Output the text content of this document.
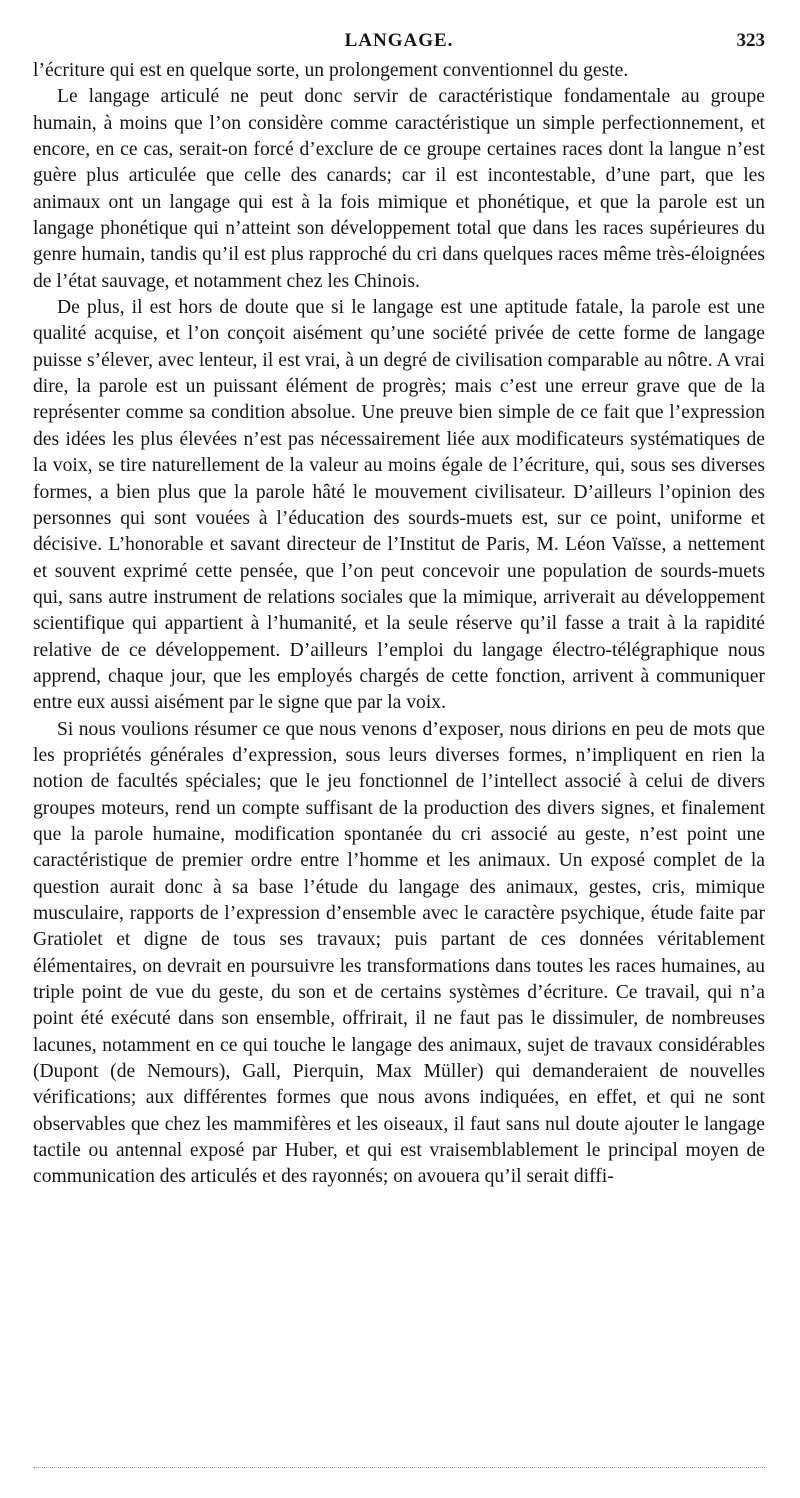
LANGAGE.	323

l’écriture qui est en quelque sorte, un prolongement conventionnel du geste.

Le langage articulé ne peut donc servir de caractéristique fondamentale au groupe humain, à moins que l’on considère comme caractéristique un simple perfectionnement, et encore, en ce cas, serait-on forcé d’exclure de ce groupe certaines races dont la langue n’est guère plus articulée que celle des canards; car il est incontestable, d’une part, que les animaux ont un langage qui est à la fois mimique et phonétique, et que la parole est un langage phonétique qui n’atteint son développement total que dans les races supérieures du genre humain, tandis qu’il est plus rapproché du cri dans quelques races même très-éloignées de l’état sauvage, et notamment chez les Chinois.

De plus, il est hors de doute que si le langage est une aptitude fatale, la parole est une qualité acquise, et l’on conçoit aisément qu’une société privée de cette forme de langage puisse s’élever, avec lenteur, il est vrai, à un degré de civilisation comparable au nôtre. A vrai dire, la parole est un puissant élément de progrès; mais c’est une erreur grave que de la représenter comme sa condition absolue. Une preuve bien simple de ce fait que l’expression des idées les plus élevées n’est pas nécessairement liée aux modificateurs systématiques de la voix, se tire naturellement de la valeur au moins égale de l’écriture, qui, sous ses diverses formes, a bien plus que la parole hâté le mouvement civilisateur. D’ailleurs l’opinion des personnes qui sont vouées à l’éducation des sourds-muets est, sur ce point, uniforme et décisive. L’honorable et savant directeur de l’Institut de Paris, M. Léon Vaïsse, a nettement et souvent exprimé cette pensée, que l’on peut concevoir une population de sourds-muets qui, sans autre instrument de relations sociales que la mimique, arriverait au développement scientifique qui appartient à l’humanité, et la seule réserve qu’il fasse a trait à la rapidité relative de ce développement. D’ailleurs l’emploi du langage électro-télégraphique nous apprend, chaque jour, que les employés chargés de cette fonction, arrivent à communiquer entre eux aussi aisément par le signe que par la voix.

Si nous voulions résumer ce que nous venons d’exposer, nous dirions en peu de mots que les propriétés générales d’expression, sous leurs diverses formes, n’impliquent en rien la notion de facultés spéciales; que le jeu fonctionnel de l’intellect associé à celui de divers groupes moteurs, rend un compte suffisant de la production des divers signes, et finalement que la parole humaine, modification spontanée du cri associé au geste, n’est point une caractéristique de premier ordre entre l’homme et les animaux. Un exposé complet de la question aurait donc à sa base l’étude du langage des animaux, gestes, cris, mimique musculaire, rapports de l’expression d’ensemble avec le caractère psychique, étude faite par Gratiolet et digne de tous ses travaux; puis partant de ces données véritablement élémentaires, on devrait en poursuivre les transformations dans toutes les races humaines, au triple point de vue du geste, du son et de certains systèmes d’écriture. Ce travail, qui n’a point été exécuté dans son ensemble, offrirait, il ne faut pas le dissimuler, de nombreuses lacunes, notamment en ce qui touche le langage des animaux, sujet de travaux considérables (Dupont (de Nemours), Gall, Pierquin, Max Müller) qui demanderaient de nouvelles vérifications; aux différentes formes que nous avons indiquées, en effet, et qui ne sont observables que chez les mammifères et les oiseaux, il faut sans nul doute ajouter le langage tactile ou antennal exposé par Huber, et qui est vraisemblablement le principal moyen de communication des articulés et des rayonnés; on avouera qu’il serait diffi-
